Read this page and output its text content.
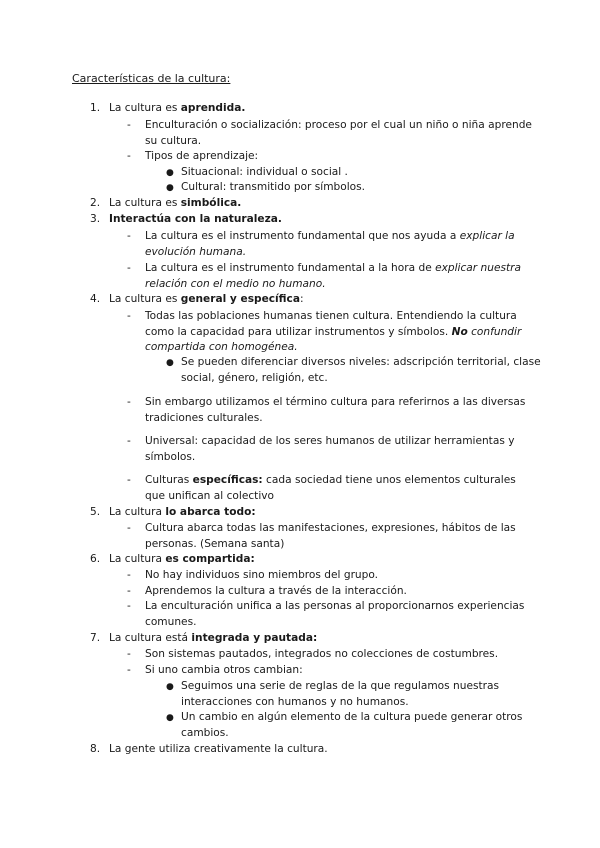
Características de la cultura:
1. La cultura es aprendida.
- Enculturación o socialización: proceso por el cual un niño o niña aprende su cultura.
- Tipos de aprendizaje:
● Situacional: individual o social .
● Cultural: transmitido por símbolos.
2. La cultura es simbólica.
3. Interactúa con la naturaleza.
- La cultura es el instrumento fundamental que nos ayuda a explicar la evolución humana.
- La cultura es el instrumento fundamental a la hora de explicar nuestra relación con el medio no humano.
4. La cultura es general y específica:
- Todas las poblaciones humanas tienen cultura. Entendiendo la cultura como la capacidad para utilizar instrumentos y símbolos. No confundir compartida con homogénea.
● Se pueden diferenciar diversos niveles: adscripción territorial, clase social, género, religión, etc.
- Sin embargo utilizamos el término cultura para referirnos a las diversas tradiciones culturales.
- Universal: capacidad de los seres humanos de utilizar herramientas y símbolos.
- Culturas específicas: cada sociedad tiene unos elementos culturales que unifican al colectivo
5. La cultura lo abarca todo:
- Cultura abarca todas las manifestaciones, expresiones, hábitos de las personas. (Semana santa)
6. La cultura es compartida:
- No hay individuos sino miembros del grupo.
- Aprendemos la cultura a través de la interacción.
- La enculturación unifica a las personas al proporcionarnos experiencias comunes.
7. La cultura está integrada y pautada:
- Son sistemas pautados, integrados no colecciones de costumbres.
- Si uno cambia otros cambian:
● Seguimos una serie de reglas de la que regulamos nuestras interacciones con humanos y no humanos.
● Un cambio en algún elemento de la cultura puede generar otros cambios.
8. La gente utiliza creativamente la cultura.
